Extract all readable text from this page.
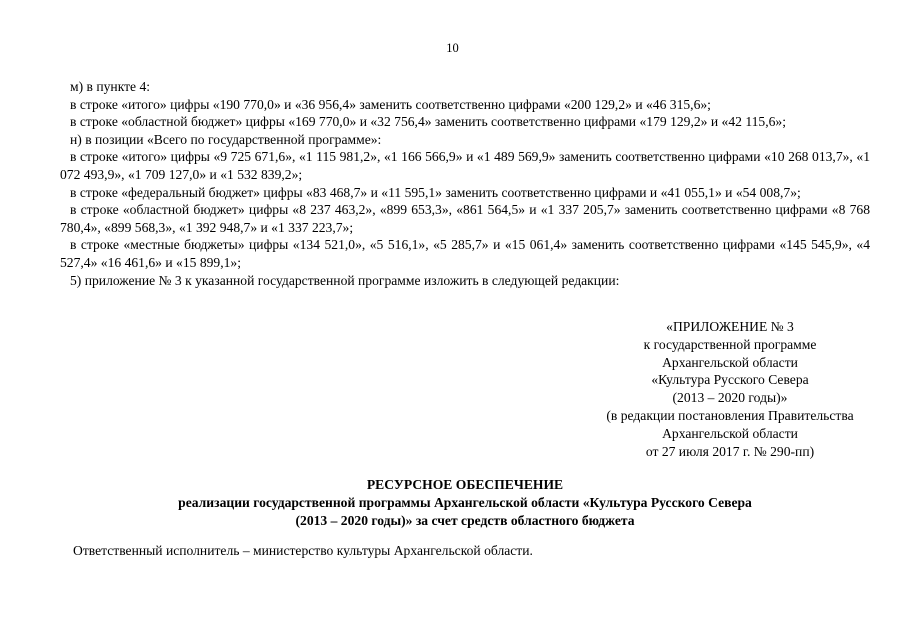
10

м) в пункте 4:

в строке «итого» цифры «190 770,0» и «36 956,4» заменить соответственно цифрами «200 129,2» и «46 315,6»;

в строке «областной бюджет» цифры «169 770,0» и «32 756,4» заменить соответственно цифрами «179 129,2» и «42 115,6»;

н) в позиции «Всего по государственной программе»:

в строке «итого» цифры «9 725 671,6», «1 115 981,2», «1 166 566,9» и «1 489 569,9» заменить соответственно цифрами «10 268 013,7», «1 072 493,9», «1 709 127,0» и «1 532 839,2»;

в строке «федеральный бюджет» цифры «83 468,7» и «11 595,1» заменить соответственно цифрами и «41 055,1» и «54 008,7»;

в строке «областной бюджет» цифры «8 237 463,2», «899 653,3», «861 564,5» и «1 337 205,7» заменить соответственно цифрами «8 768 780,4», «899 568,3», «1 392 948,7» и «1 337 223,7»;

в строке «местные бюджеты» цифры «134 521,0», «5 516,1», «5 285,7» и «15 061,4» заменить соответственно цифрами «145 545,9», «4 527,4» «16 461,6» и «15 899,1»;

5) приложение № 3 к указанной государственной программе изложить в следующей редакции:

«ПРИЛОЖЕНИЕ № 3
к государственной программе
Архангельской области
«Культура Русского Севера
(2013 – 2020 годы)»
(в редакции постановления Правительства
Архангельской области
от 27 июля 2017 г. № 290-пп)
РЕСУРСНОЕ ОБЕСПЕЧЕНИЕ
реализации государственной программы Архангельской области «Культура Русского Севера
(2013 – 2020 годы)» за счет средств областного бюджета
Ответственный исполнитель – министерство культуры Архангельской области.
